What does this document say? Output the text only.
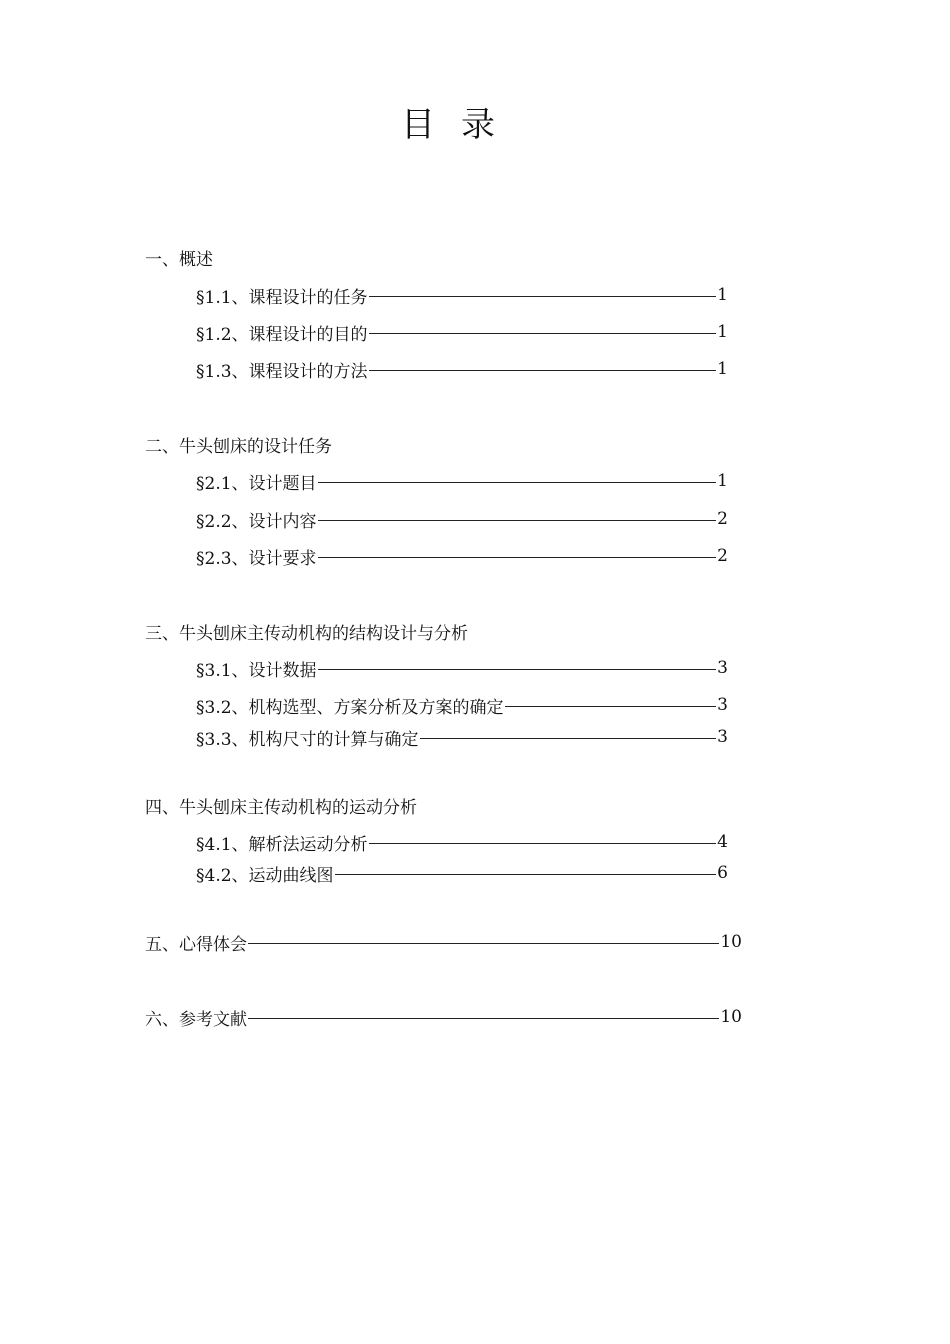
目 录
一、概述
§1.1、课程设计的任务	1
§1.2、课程设计的目的	1
§1.3、课程设计的方法	1
二、牛头刨床的设计任务
§2.1、设计题目	1
§2.2、设计内容	2
§2.3、设计要求	2
三、牛头刨床主传动机构的结构设计与分析
§3.1、设计数据	3
§3.2、机构选型、方案分析及方案的确定	3
§3.3、机构尺寸的计算与确定	3
四、牛头刨床主传动机构的运动分析
§4.1、解析法运动分析	4
§4.2、运动曲线图	6
五、心得体会	10
六、参考文献	10
